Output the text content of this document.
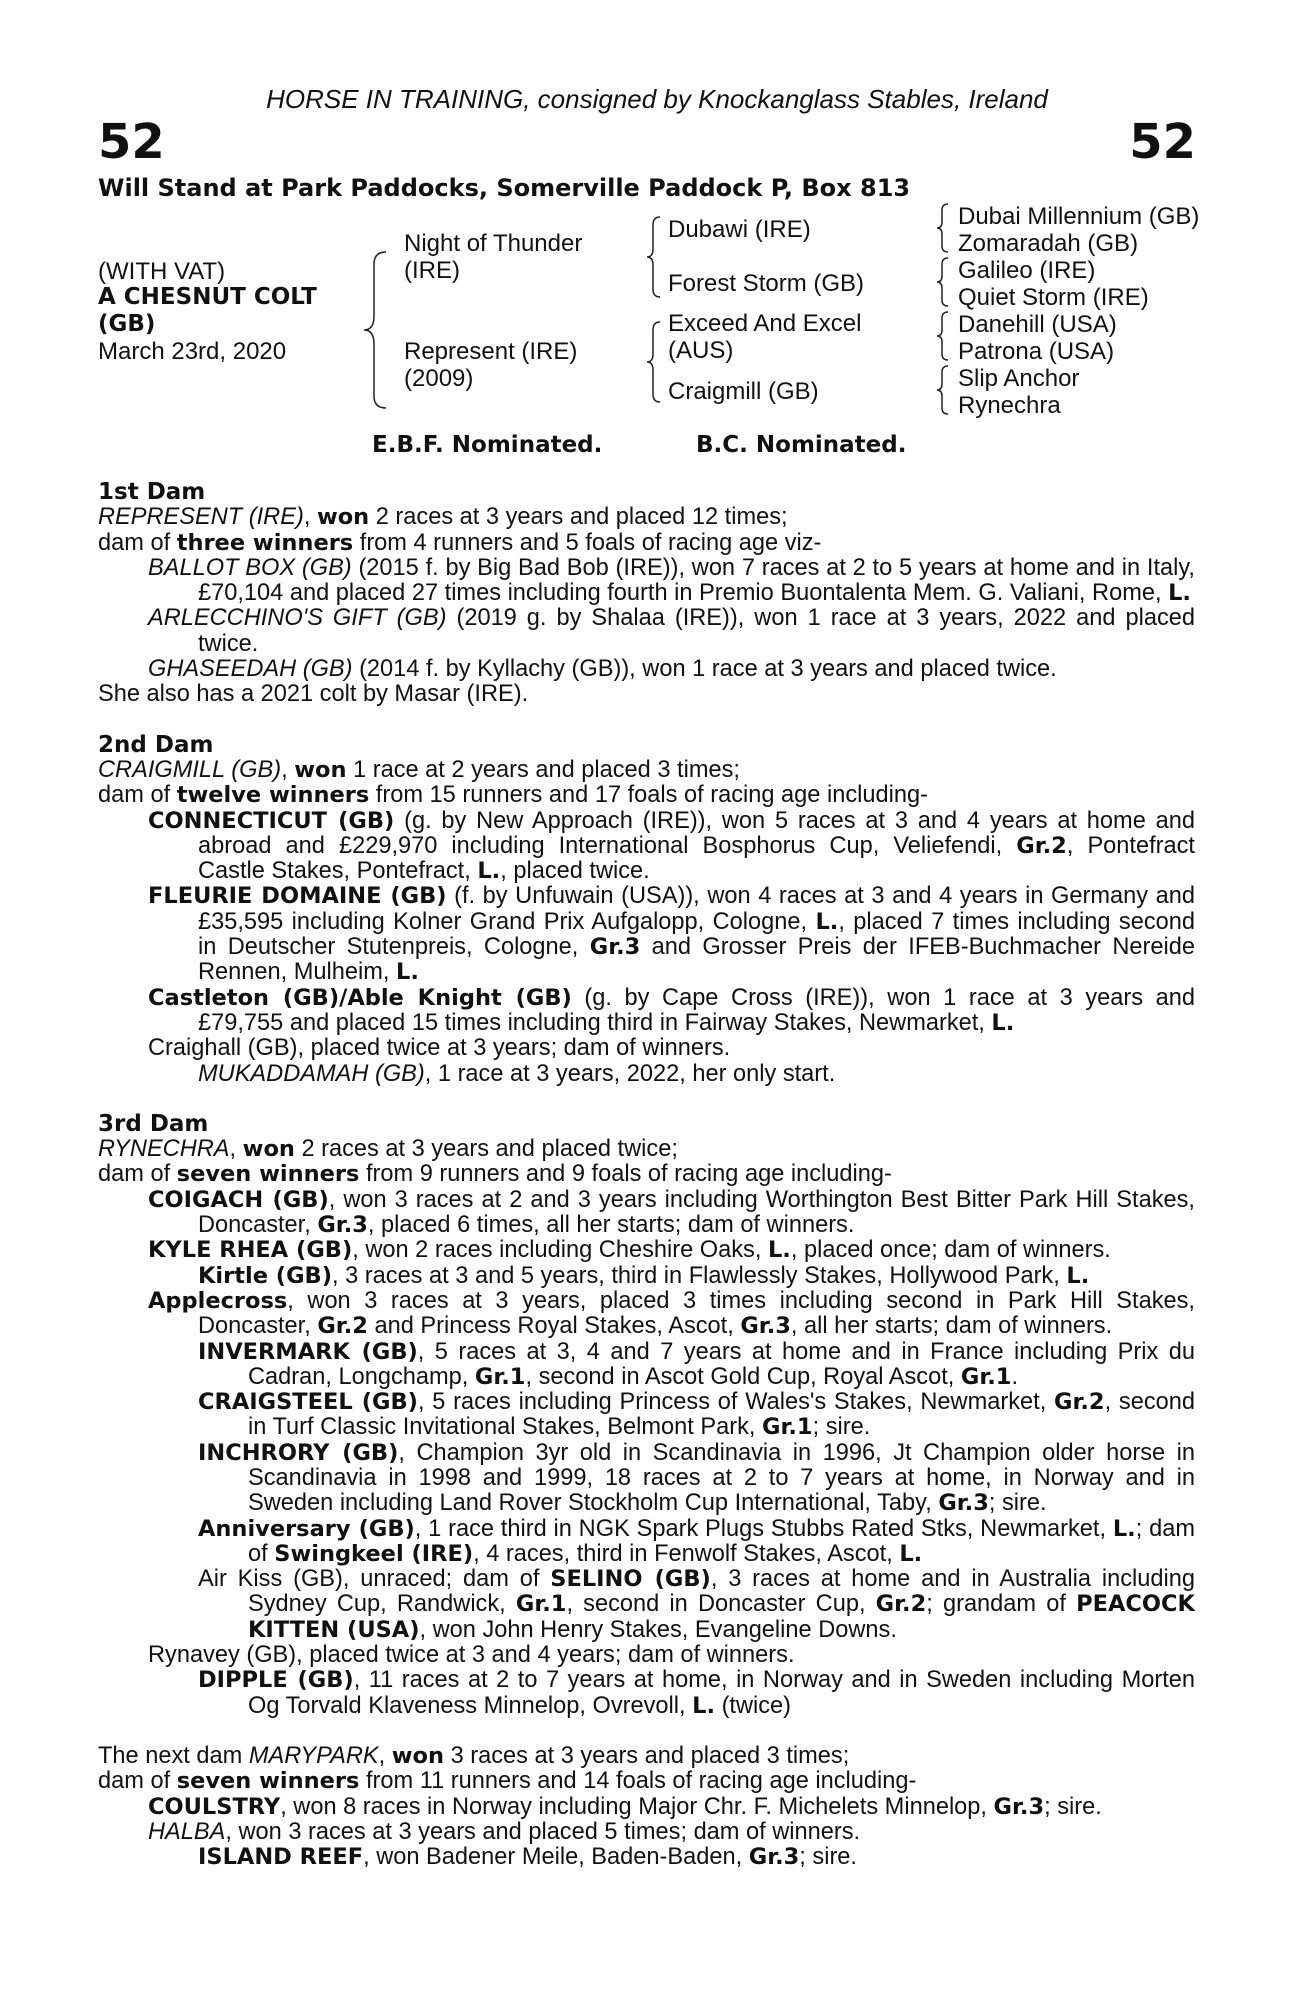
HORSE IN TRAINING, consigned by Knockanglass Stables, Ireland
52	52
Will Stand at Park Paddocks, Somerville Paddock P, Box 813
(WITH VAT)
A CHESNUT COLT
(GB)
March 23rd, 2020
Night of Thunder
(IRE)
Represent (IRE)
(2009)
Dubawi (IRE)
Forest Storm (GB)
Exceed And Excel
(AUS)
Craigmill (GB)
Dubai Millennium (GB)
Zomaradah (GB)
Galileo (IRE)
Quiet Storm (IRE)
Danehill (USA)
Patrona (USA)
Slip Anchor
Rynechra
E.B.F. Nominated.	B.C. Nominated.
1st Dam
REPRESENT (IRE), won 2 races at 3 years and placed 12 times;
dam of three winners from 4 runners and 5 foals of racing age viz-
BALLOT BOX (GB) (2015 f. by Big Bad Bob (IRE)), won 7 races at 2 to 5 years at home and in Italy, £70,104 and placed 27 times including fourth in Premio Buontalenta Mem. G. Valiani, Rome, L.
ARLECCHINO'S GIFT (GB) (2019 g. by Shalaa (IRE)), won 1 race at 3 years, 2022 and placed twice.
GHASEEDAH (GB) (2014 f. by Kyllachy (GB)), won 1 race at 3 years and placed twice.
She also has a 2021 colt by Masar (IRE).
2nd Dam
CRAIGMILL (GB), won 1 race at 2 years and placed 3 times;
dam of twelve winners from 15 runners and 17 foals of racing age including-
CONNECTICUT (GB) (g. by New Approach (IRE)), won 5 races at 3 and 4 years at home and abroad and £229,970 including International Bosphorus Cup, Veliefendi, Gr.2, Pontefract Castle Stakes, Pontefract, L., placed twice.
FLEURIE DOMAINE (GB) (f. by Unfuwain (USA)), won 4 races at 3 and 4 years in Germany and £35,595 including Kolner Grand Prix Aufgalopp, Cologne, L., placed 7 times including second in Deutscher Stutenpreis, Cologne, Gr.3 and Grosser Preis der IFEB-Buchmacher Nereide Rennen, Mulheim, L.
Castleton (GB)/Able Knight (GB) (g. by Cape Cross (IRE)), won 1 race at 3 years and £79,755 and placed 15 times including third in Fairway Stakes, Newmarket, L.
Craighall (GB), placed twice at 3 years; dam of winners.
MUKADDAMAH (GB), 1 race at 3 years, 2022, her only start.
3rd Dam
RYNECHRA, won 2 races at 3 years and placed twice;
dam of seven winners from 9 runners and 9 foals of racing age including-
COIGACH (GB), won 3 races at 2 and 3 years including Worthington Best Bitter Park Hill Stakes, Doncaster, Gr.3, placed 6 times, all her starts; dam of winners.
KYLE RHEA (GB), won 2 races including Cheshire Oaks, L., placed once; dam of winners.
Kirtle (GB), 3 races at 3 and 5 years, third in Flawlessly Stakes, Hollywood Park, L.
Applecross, won 3 races at 3 years, placed 3 times including second in Park Hill Stakes, Doncaster, Gr.2 and Princess Royal Stakes, Ascot, Gr.3, all her starts; dam of winners.
INVERMARK (GB), 5 races at 3, 4 and 7 years at home and in France including Prix du Cadran, Longchamp, Gr.1, second in Ascot Gold Cup, Royal Ascot, Gr.1.
CRAIGSTEEL (GB), 5 races including Princess of Wales's Stakes, Newmarket, Gr.2, second in Turf Classic Invitational Stakes, Belmont Park, Gr.1; sire.
INCHRORY (GB), Champion 3yr old in Scandinavia in 1996, Jt Champion older horse in Scandinavia in 1998 and 1999, 18 races at 2 to 7 years at home, in Norway and in Sweden including Land Rover Stockholm Cup International, Taby, Gr.3; sire.
Anniversary (GB), 1 race third in NGK Spark Plugs Stubbs Rated Stks, Newmarket, L.; dam of Swingkeel (IRE), 4 races, third in Fenwolf Stakes, Ascot, L.
Air Kiss (GB), unraced; dam of SELINO (GB), 3 races at home and in Australia including Sydney Cup, Randwick, Gr.1, second in Doncaster Cup, Gr.2; grandam of PEACOCK KITTEN (USA), won John Henry Stakes, Evangeline Downs.
Rynavey (GB), placed twice at 3 and 4 years; dam of winners.
DIPPLE (GB), 11 races at 2 to 7 years at home, in Norway and in Sweden including Morten Og Torvald Klaveness Minnelop, Ovrevoll, L. (twice)
The next dam MARYPARK, won 3 races at 3 years and placed 3 times;
dam of seven winners from 11 runners and 14 foals of racing age including-
COULSTRY, won 8 races in Norway including Major Chr. F. Michelets Minnelop, Gr.3; sire.
HALBA, won 3 races at 3 years and placed 5 times; dam of winners.
ISLAND REEF, won Badener Meile, Baden-Baden, Gr.3; sire.
